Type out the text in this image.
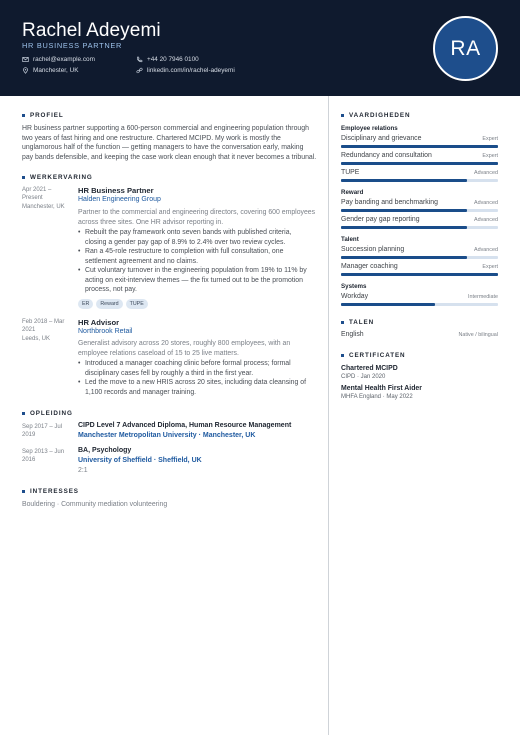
Rachel Adeyemi
HR BUSINESS PARTNER
rachel@example.com	+44 20 7946 0100
Manchester, UK	linkedin.com/in/rachel-adeyemi
RA
PROFIEL
HR business partner supporting a 600-person commercial and engineering population through
two years of fast hiring and one restructure. Chartered MCIPD. My work is mostly the
unglamorous half of the function — getting managers to have the conversation early, making
pay bands defensible, and keeping the case work clean enough that it never becomes a tribunal.
WERKERVARING
Apr 2021 –
Present
Manchester, UK
HR Business Partner
Halden Engineering Group
Partner to the commercial and engineering directors, covering 600 employees
across three sites. One HR advisor reporting in.
• Rebuilt the pay framework onto seven bands with published criteria,
closing a gender pay gap of 8.9% to 2.4% over two review cycles.
• Ran a 45-role restructure to completion with full consultation, one
settlement agreement and no claims.
• Cut voluntary turnover in the engineering population from 19% to 11% by
acting on exit-interview themes — the fix turned out to be the promotion
process, not pay.
ER	Reward	TUPE
Feb 2018 – Mar
2021
Leeds, UK
HR Advisor
Northbrook Retail
Generalist advisory across 20 stores, roughly 800 employees, with an
employee relations caseload of 15 to 25 live matters.
• Introduced a manager coaching clinic before formal process; formal
disciplinary cases fell by roughly a third in the first year.
• Led the move to a new HRIS across 20 sites, including data cleansing of
1,100 records and manager training.
OPLEIDING
Sep 2017 – Jul
2019
CIPD Level 7 Advanced Diploma, Human Resource Management
Manchester Metropolitan University · Manchester, UK
Sep 2013 – Jun
2016
BA, Psychology
University of Sheffield · Sheffield, UK
2:1
INTERESSES
Bouldering · Community mediation volunteering
VAARDIGHEDEN
Employee relations
Disciplinary and grievance	Expert
Redundancy and consultation	Expert
TUPE	Advanced
Reward
Pay banding and benchmarking	Advanced
Gender pay gap reporting	Advanced
Talent
Succession planning	Advanced
Manager coaching	Expert
Systems
Workday	Intermediate
TALEN
English	Native / bilingual
CERTIFICATEN
Chartered MCIPD
CIPD · Jan 2020
Mental Health First Aider
MHFA England · May 2022
